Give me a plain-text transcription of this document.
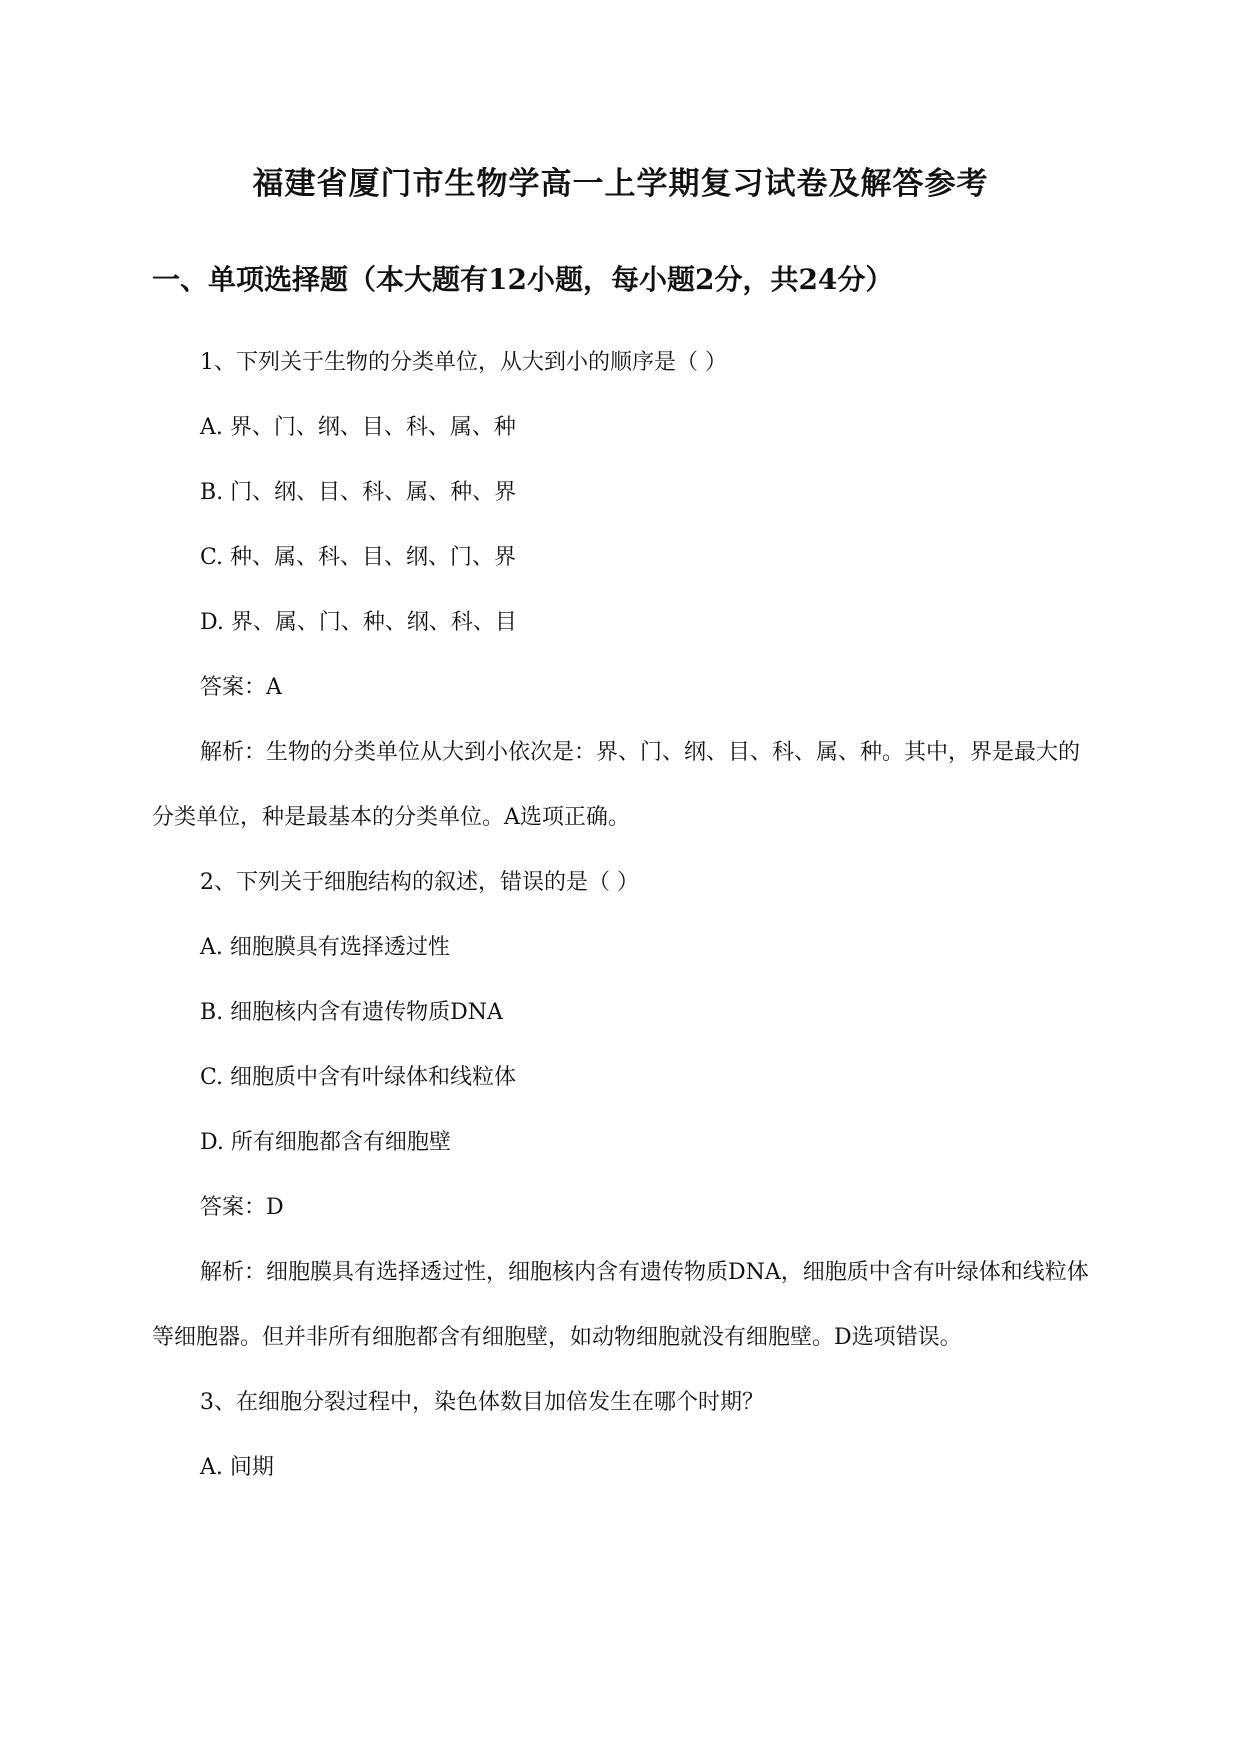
福建省厦门市生物学高一上学期复习试卷及解答参考
一、单项选择题（本大题有12小题，每小题2分，共24分）

1、下列关于生物的分类单位，从大到小的顺序是（ ）

A. 界、门、纲、目、科、属、种

B. 门、纲、目、科、属、种、界

C. 种、属、科、目、纲、门、界

D. 界、属、门、种、纲、科、目

答案：A

解析：生物的分类单位从大到小依次是：界、门、纲、目、科、属、种。其中，界是最大的分类单位，种是最基本的分类单位。A选项正确。

2、下列关于细胞结构的叙述，错误的是（ ）

A. 细胞膜具有选择透过性

B. 细胞核内含有遗传物质DNA

C. 细胞质中含有叶绿体和线粒体

D. 所有细胞都含有细胞壁

答案：D

解析：细胞膜具有选择透过性，细胞核内含有遗传物质DNA，细胞质中含有叶绿体和线粒体等细胞器。但并非所有细胞都含有细胞壁，如动物细胞就没有细胞壁。D选项错误。

3、在细胞分裂过程中，染色体数目加倍发生在哪个时期？

A. 间期
